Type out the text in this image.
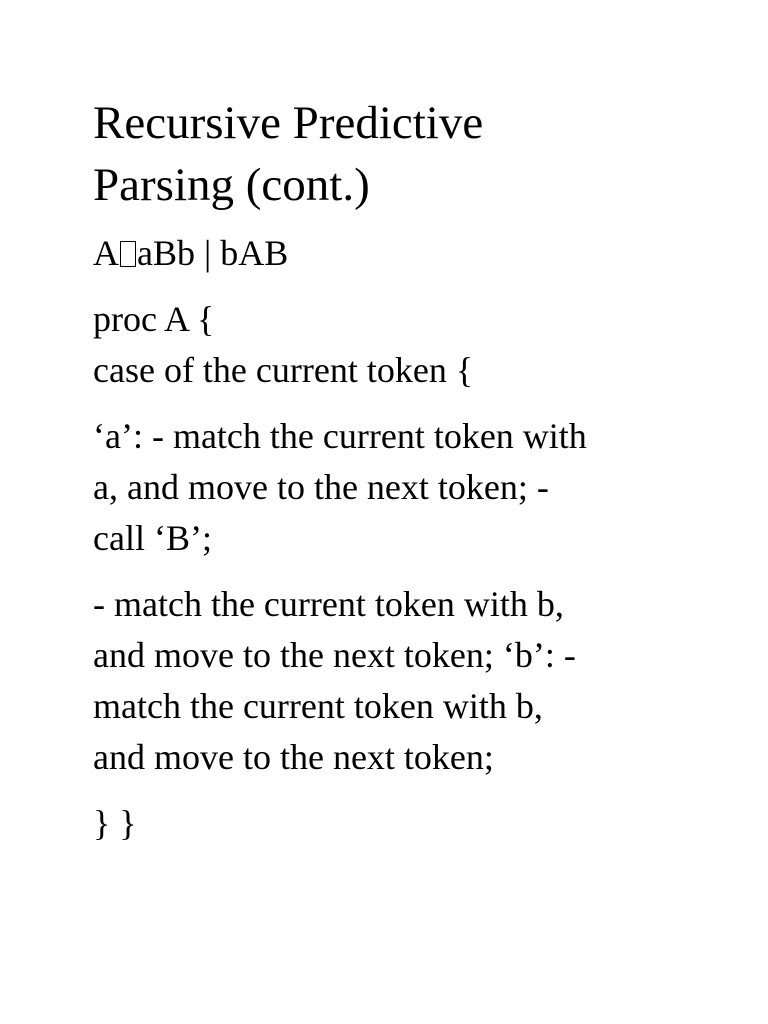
Recursive Predictive
Parsing (cont.)
A aBb | bAB
proc A {
case of the current token {
‘a’: - match the current token with
a, and move to the next token; -
call ‘B’;
- match the current token with b,
and move to the next token; ‘b’: -
match the current token with b,
and move to the next token;
} }
